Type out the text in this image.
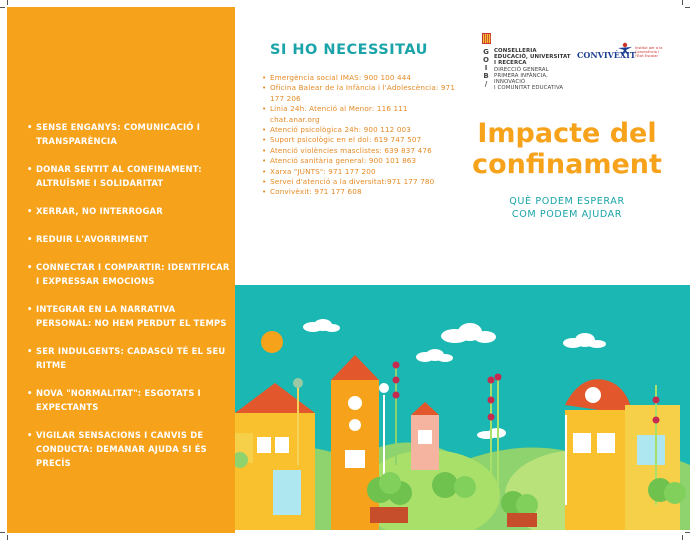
• SENSE ENGANYS: COMUNICACIÓ I TRANSPARÈNCIA
• DONAR SENTIT AL CONFINAMENT: ALTRUÏSME I SOLIDARITAT
• XERRAR, NO INTERROGAR
• REDUIR L'AVORRIMENT
• CONNECTAR I COMPARTIR: IDENTIFICAR I EXPRESSAR EMOCIONS
• INTEGRAR EN LA NARRATIVA PERSONAL: NO HEM PERDUT EL TEMPS
• SER INDULGENTS: CADASCÚ TÉ EL SEU RITME
• NOVA "NORMALITAT": ESGOTATS I EXPECTANTS
• VIGILAR SENSACIONS I CANVIS DE CONDUCTA: DEMANAR AJUDA SI ÉS PRECÍS
SI HO NECESSITAU
• Emergència social IMAS: 900 100 444
• Oficina Balear de la Infància i l'Adolescència: 971 177 206
• Línia 24h. Atenció al Menor: 116 111
chat.anar.org
• Atenció psicològica 24h: 900 112 003
• Suport psicològic en el dol: 619 747 507
• Atenció violències masclistes: 639 837 476
• Atenció sanitària general: 900 101 863
• Xarxa "JUNTS": 971 177 200
• Servei d'atenció a la diversitat:971 177 780
• Convivèxit: 971 177 608
G
O
I
B
/
CONSELLERIA
EDUCACIÓ, UNIVERSITAT
I RECERCA
DIRECCIÓ GENERAL
PRIMERA INFÀNCIA, INNOVACIÓ
I COMUNITAT EDUCATIVA
CONVIVÈXIT
Institut per a la Convivència i l'Èxit Escolar
Impacte del
confinament
QUÈ PODEM ESPERAR
COM PODEM AJUDAR
